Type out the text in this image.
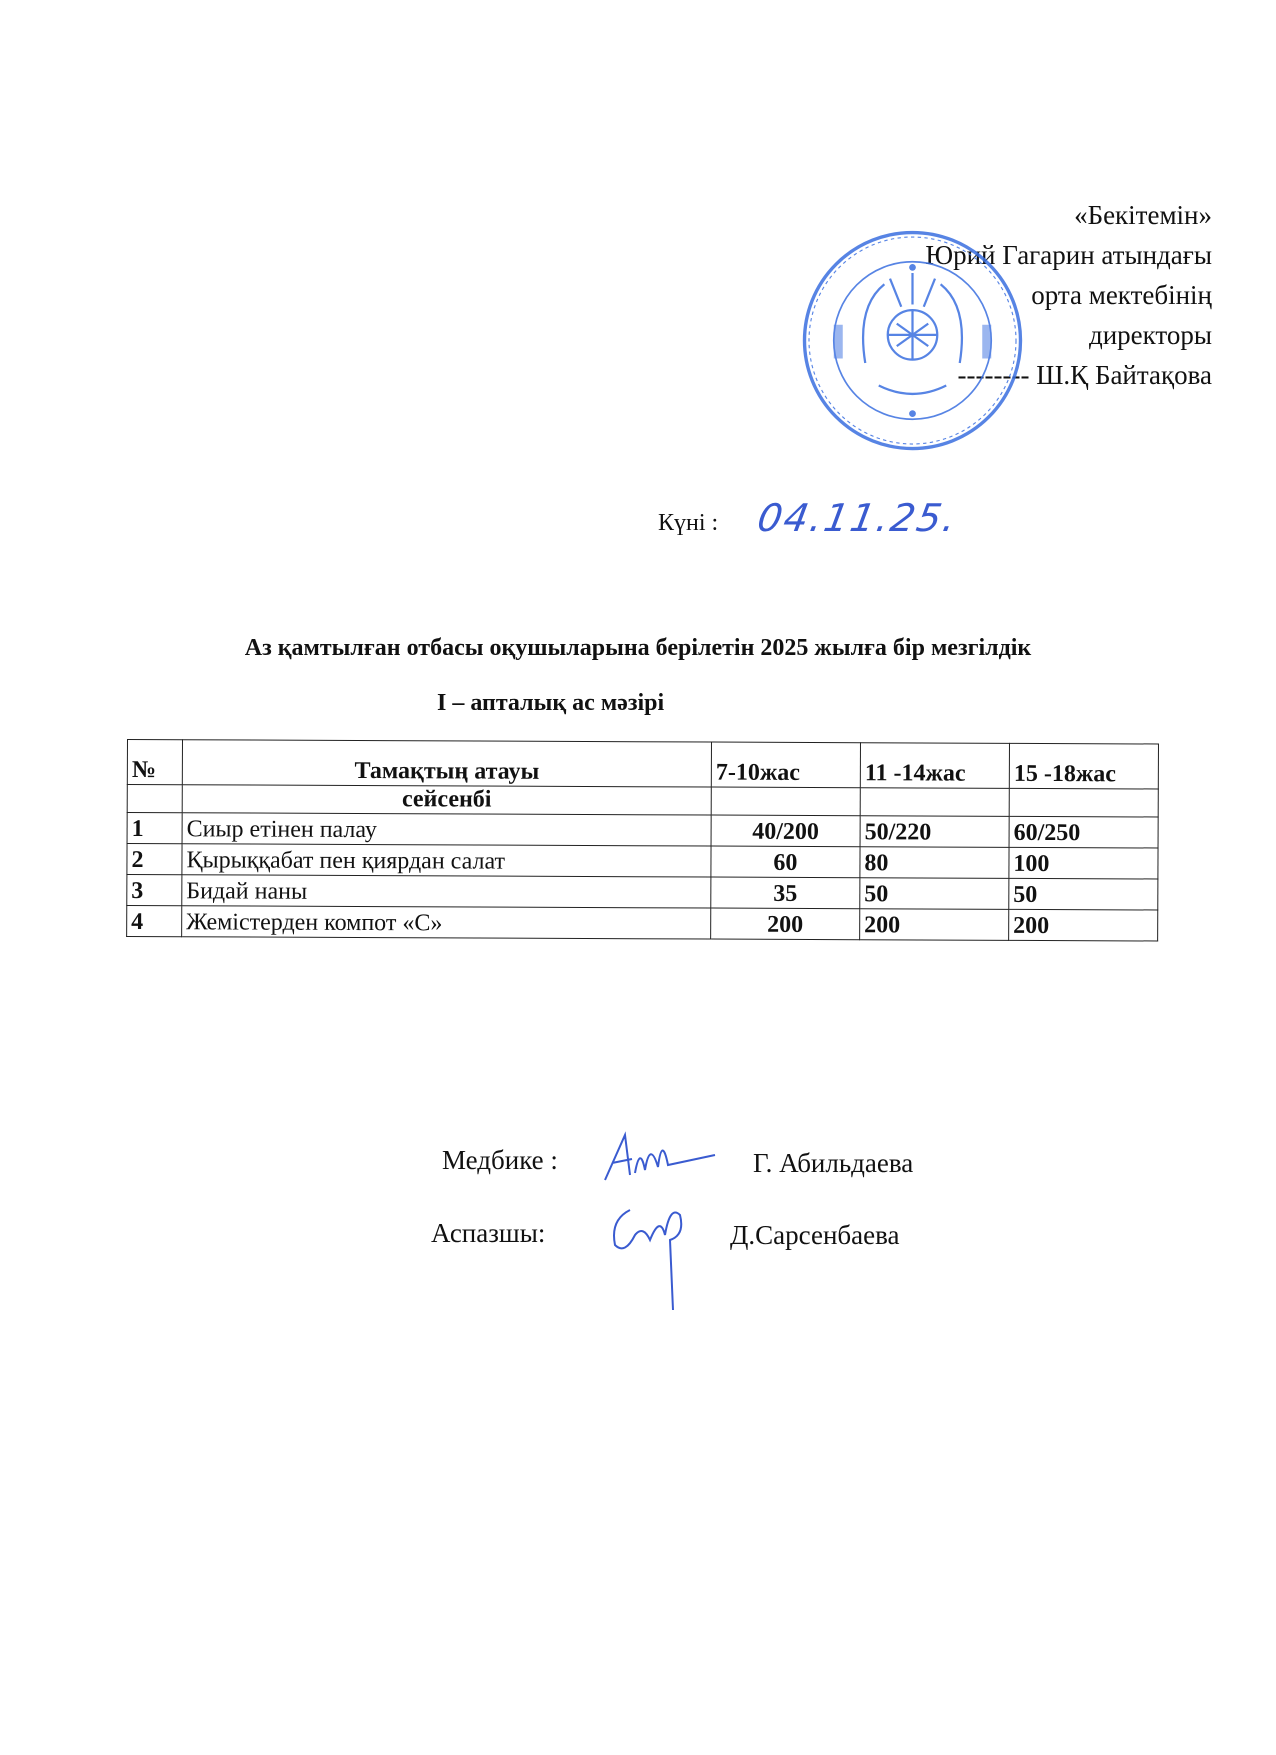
«Бекітемін»
Юрий Гагарин атындағы
орта мектебінің
директоры
-------- Ш.Қ Байтақова
Күні : 04.11.25.
Аз қамтылған отбасы оқушыларына берілетін 2025 жылға бір мезгілдік
I – апталық ас мәзірі
№	Тамақтың атауы	7-10жас	11 -14жас	15 -18жас
	сейсенбі			
1	Сиыр етінен палау	40/200	50/220	60/250
2	Қырыққабат пен қиярдан салат	60	80	100
3	Бидай наны	35	50	50
4	Жемістерден компот «С»	200	200	200
Медбике :	Г. Абильдаева
Аспазшы:	Д.Сарсенбаева
